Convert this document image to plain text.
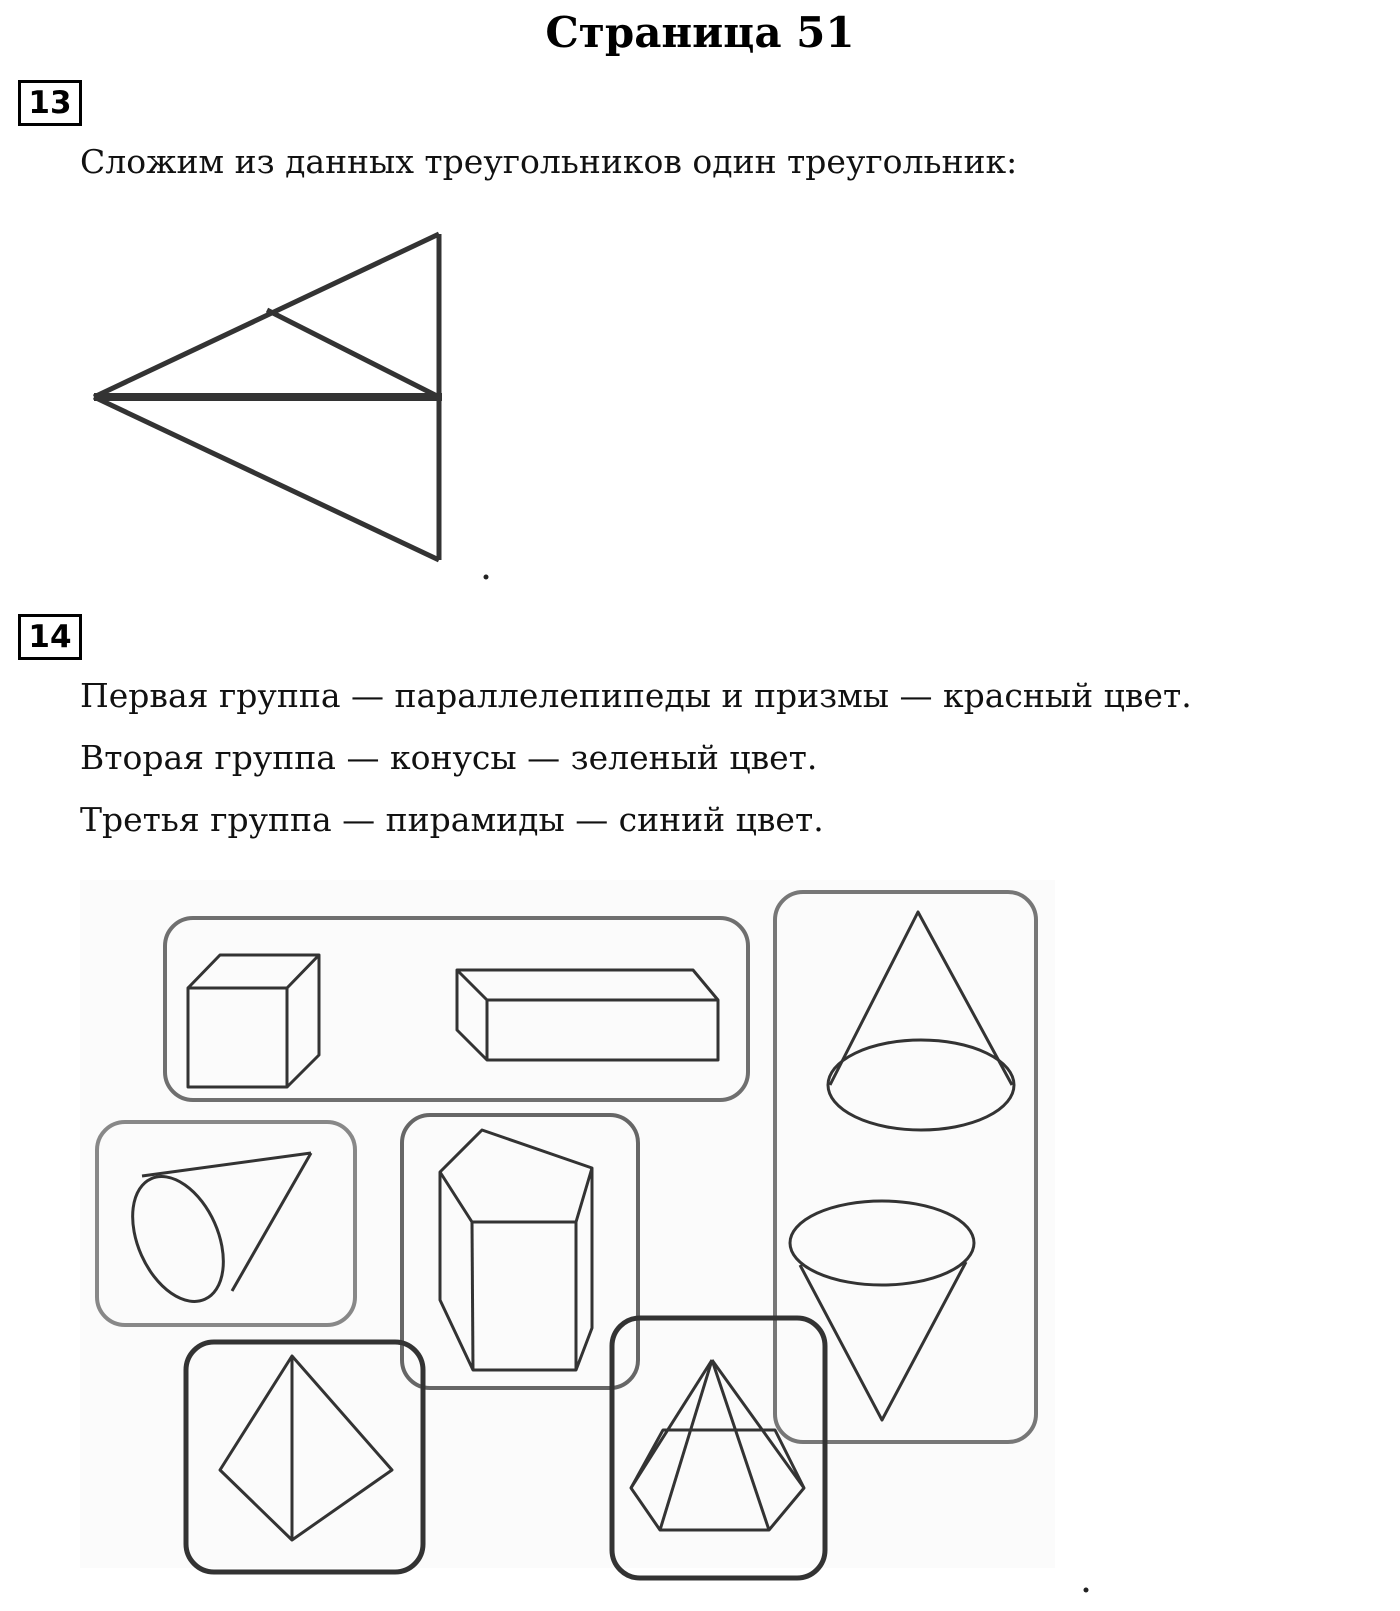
Страница 51
13

Сложим из данных треугольников один треугольник:

14

Первая группа — параллелепипеды и призмы — красный цвет.

Вторая группа — конусы — зеленый цвет.

Третья группа — пирамиды — синий цвет.
